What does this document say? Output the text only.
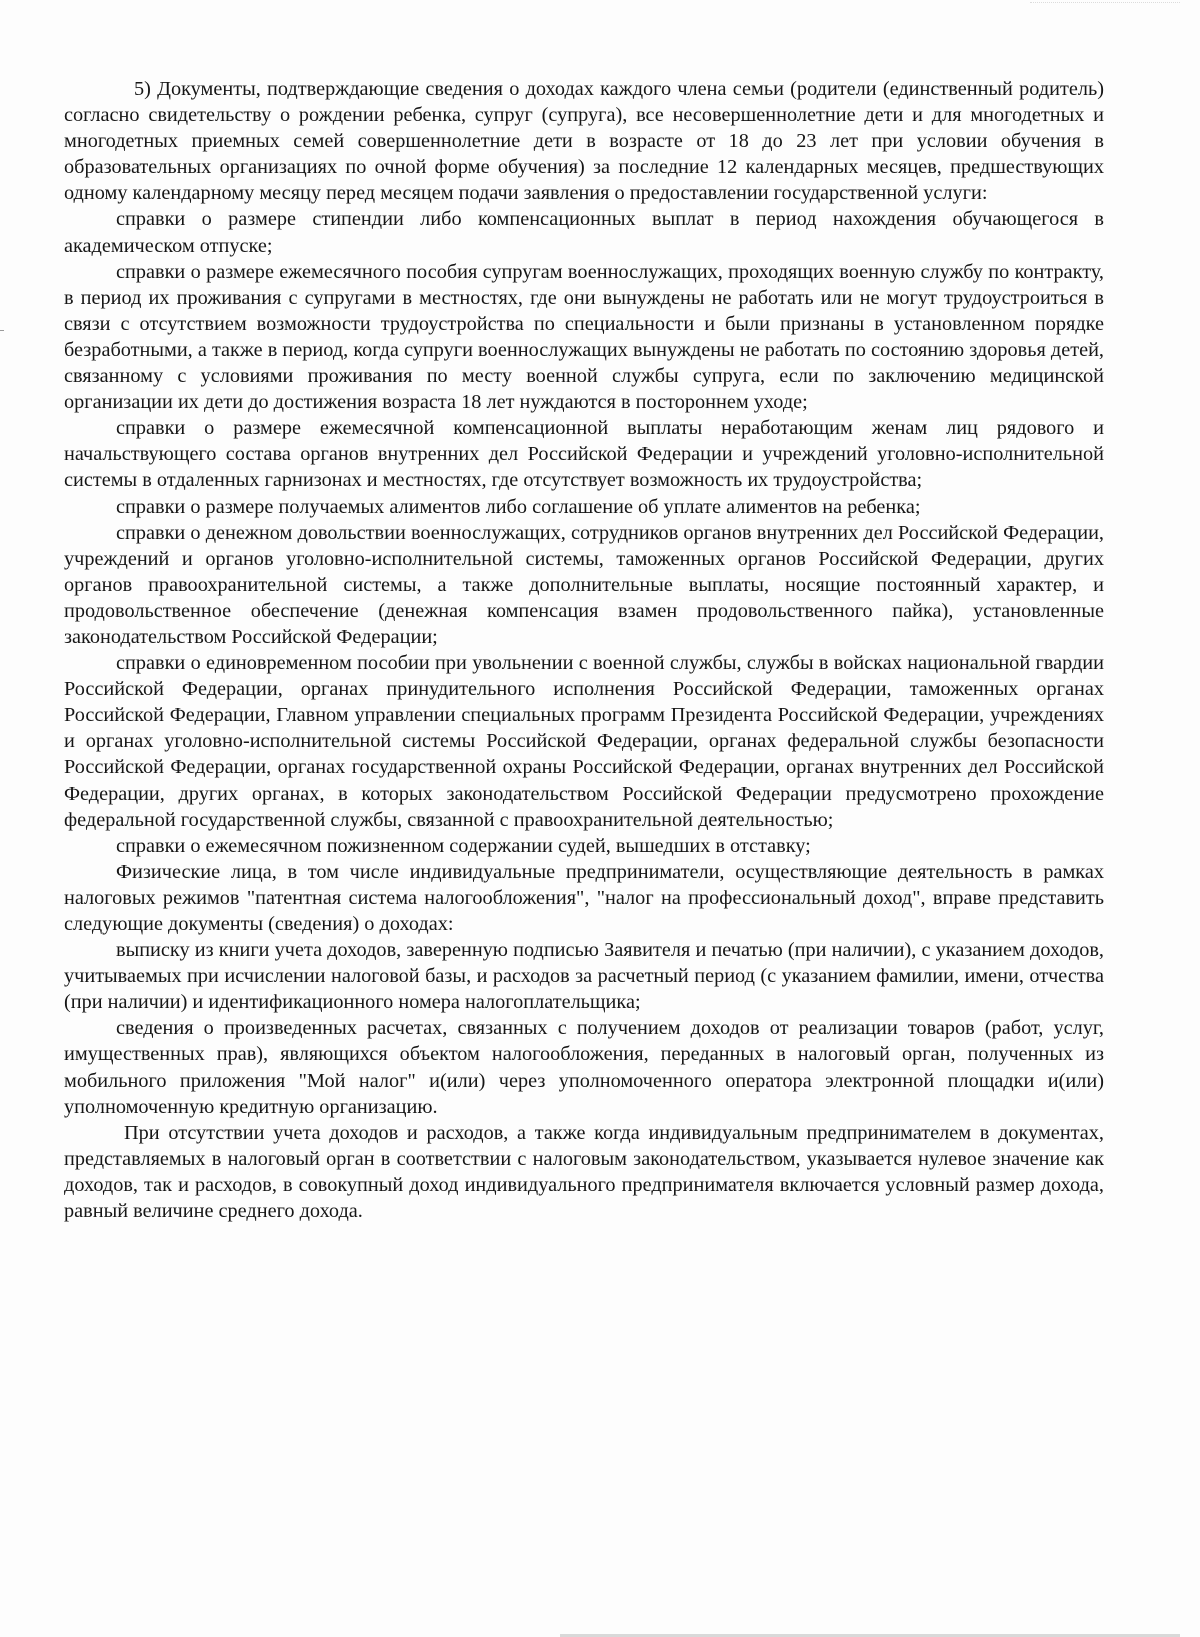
5) Документы, подтверждающие сведения о доходах каждого члена семьи (родители (единственный родитель) согласно свидетельству о рождении ребенка, супруг (супруга), все несовершеннолетние дети и для многодетных и многодетных приемных семей совершеннолетние дети в возрасте от 18 до 23 лет при условии обучения в образовательных организациях по очной форме обучения) за последние 12 календарных месяцев, предшествующих одному календарному месяцу перед месяцем подачи заявления о предоставлении государственной услуги:

справки о размере стипендии либо компенсационных выплат в период нахождения обучающегося в академическом отпуске;

справки о размере ежемесячного пособия супругам военнослужащих, проходящих военную службу по контракту, в период их проживания с супругами в местностях, где они вынуждены не работать или не могут трудоустроиться в связи с отсутствием возможности трудоустройства по специальности и были признаны в установленном порядке безработными, а также в период, когда супруги военнослужащих вынуждены не работать по состоянию здоровья детей, связанному с условиями проживания по месту военной службы супруга, если по заключению медицинской организации их дети до достижения возраста 18 лет нуждаются в постороннем уходе;

справки о размере ежемесячной компенсационной выплаты неработающим женам лиц рядового и начальствующего состава органов внутренних дел Российской Федерации и учреждений уголовно-исполнительной системы в отдаленных гарнизонах и местностях, где отсутствует возможность их трудоустройства;

справки о размере получаемых алиментов либо соглашение об уплате алиментов на ребенка;

справки о денежном довольствии военнослужащих, сотрудников органов внутренних дел Российской Федерации, учреждений и органов уголовно-исполнительной системы, таможенных органов Российской Федерации, других органов правоохранительной системы, а также дополнительные выплаты, носящие постоянный характер, и продовольственное обеспечение (денежная компенсация взамен продовольственного пайка), установленные законодательством Российской Федерации;

справки о единовременном пособии при увольнении с военной службы, службы в войсках национальной гвардии Российской Федерации, органах принудительного исполнения Российской Федерации, таможенных органах Российской Федерации, Главном управлении специальных программ Президента Российской Федерации, учреждениях и органах уголовно-исполнительной системы Российской Федерации, органах федеральной службы безопасности Российской Федерации, органах государственной охраны Российской Федерации, органах внутренних дел Российской Федерации, других органах, в которых законодательством Российской Федерации предусмотрено прохождение федеральной государственной службы, связанной с правоохранительной деятельностью;

справки о ежемесячном пожизненном содержании судей, вышедших в отставку;

Физические лица, в том числе индивидуальные предприниматели, осуществляющие деятельность в рамках налоговых режимов "патентная система налогообложения", "налог на профессиональный доход", вправе представить следующие документы (сведения) о доходах:

выписку из книги учета доходов, заверенную подписью Заявителя и печатью (при наличии), с указанием доходов, учитываемых при исчислении налоговой базы, и расходов за расчетный период (с указанием фамилии, имени, отчества (при наличии) и идентификационного номера налогоплательщика;

сведения о произведенных расчетах, связанных с получением доходов от реализации товаров (работ, услуг, имущественных прав), являющихся объектом налогообложения, переданных в налоговый орган, полученных из мобильного приложения "Мой налог" и(или) через уполномоченного оператора электронной площадки и(или) уполномоченную кредитную организацию.

При отсутствии учета доходов и расходов, а также когда индивидуальным предпринимателем в документах, представляемых в налоговый орган в соответствии с налоговым законодательством, указывается нулевое значение как доходов, так и расходов, в совокупный доход индивидуального предпринимателя включается условный размер дохода, равный величине среднего дохода.
